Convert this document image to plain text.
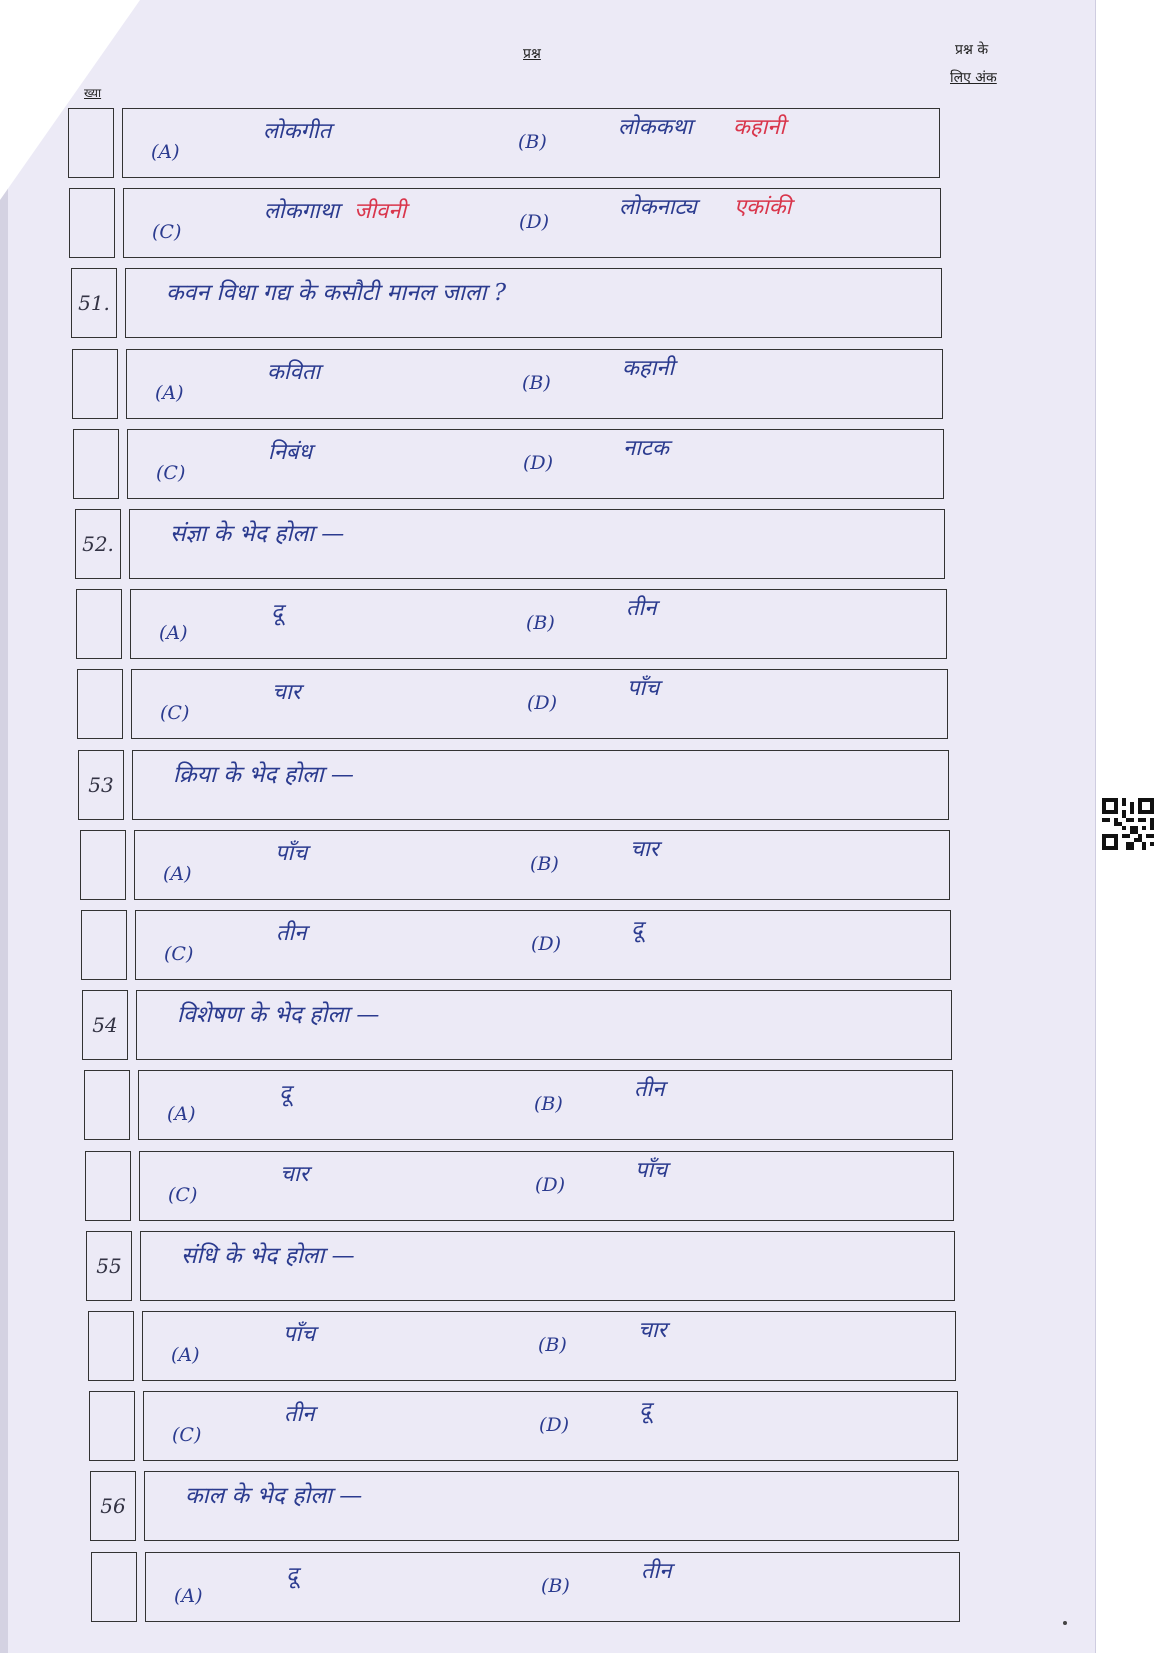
प्रश्न	प्रश्न के
लिए अंक
ख्या
(A)
लोकगीत	(B)
लोककथा कहानी
(C)
लोकगाथा जीवनी	(D)
लोकनाट्य एकांकी
51.	कवन विधा गद्य के कसौटी मानल जाला ?
(A)
कविता	(B)
कहानी
(C)
निबंध	(D)
नाटक
52.	संज्ञा के भेद होला —
(A)
दू	(B)
तीन
(C)
चार	(D)
पाँच
53	क्रिया के भेद होला —
(A)
पाँच	(B)
चार
(C)
तीन	(D)
दू
54	विशेषण के भेद होला —
(A)
दू	(B)
तीन
(C)
चार	(D)
पाँच
55	संधि के भेद होला —
(A)
पाँच	(B)
चार
(C)
तीन	(D)
दू
56	काल के भेद होला —
(A)
दू	(B)
तीन
